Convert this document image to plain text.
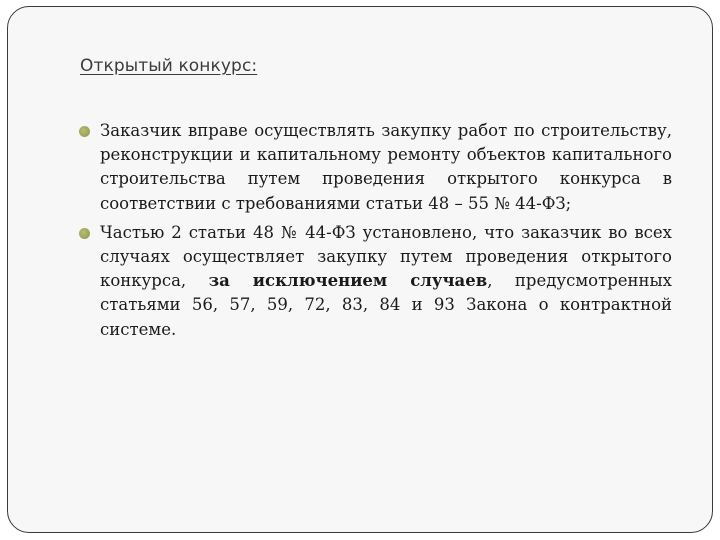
Открытый конкурс:
Заказчик вправе осуществлять закупку работ по строительству, реконструкции и капитальному ремонту объектов капитального строительства путем проведения открытого конкурса в соответствии с требованиями статьи 48 – 55 № 44-ФЗ;
Частью 2 статьи 48 № 44-ФЗ установлено, что заказчик во всех случаях осуществляет закупку путем проведения открытого конкурса, за исключением случаев, предусмотренных статьями 56, 57, 59, 72, 83, 84 и 93 Закона о контрактной системе.
